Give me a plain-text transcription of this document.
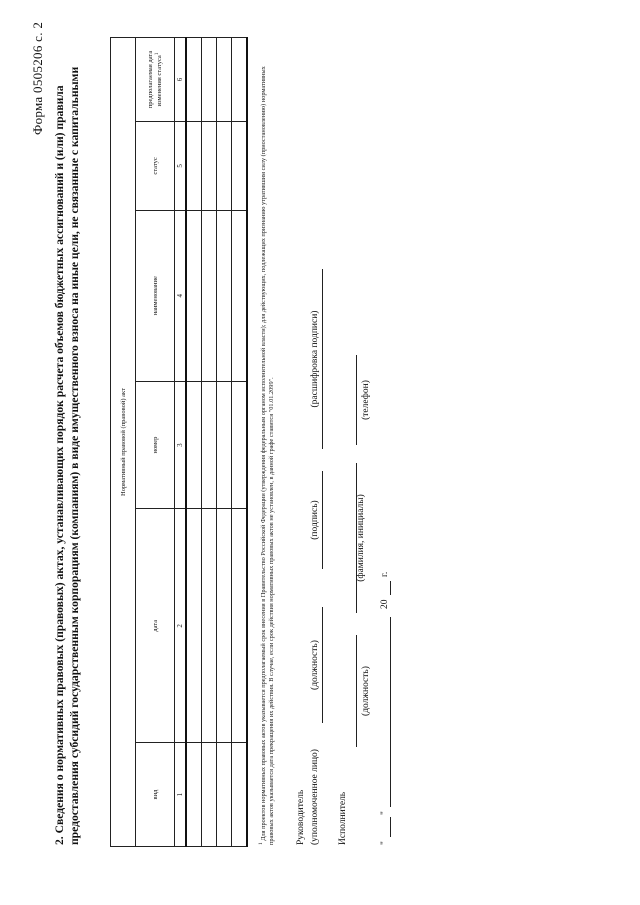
Форма 0505206 с. 2
2. Сведения о нормативных правовых (правовых) актах, устанавливающих порядок расчета объемов бюджетных ассигнований и (или) правила предоставления субсидий государственным корпорациям (компаниям) в виде имущественного взноса на иные цели, не связанные с капитальными	Нормативный правовой (правовой) акт					
вид	дата	номер	наименование	статус	предполагаемая дата изменения статуса$^1$
1	2	3	4	5	6

$^1$ Для проектов нормативных правовых актов указывается предполагаемый срок внесения в Правительство Российской Федерации (утверждения федеральным органом исполнительной власти); для действующих, подлежащих признанию утратившим силу (приостановлению) нормативных правовых актов указывается дата прекращения их действия. В случае, если срок действия нормативных правовых актов не установлен, в данной графе ставится "01.01.2099". Руководитель (уполномоченное лицо)
(должность)
(подпись)
(расшифровка подписи)
Исполнитель
(должность)
(фамилия, инициалы)
(телефон)
"
"
20
г.
